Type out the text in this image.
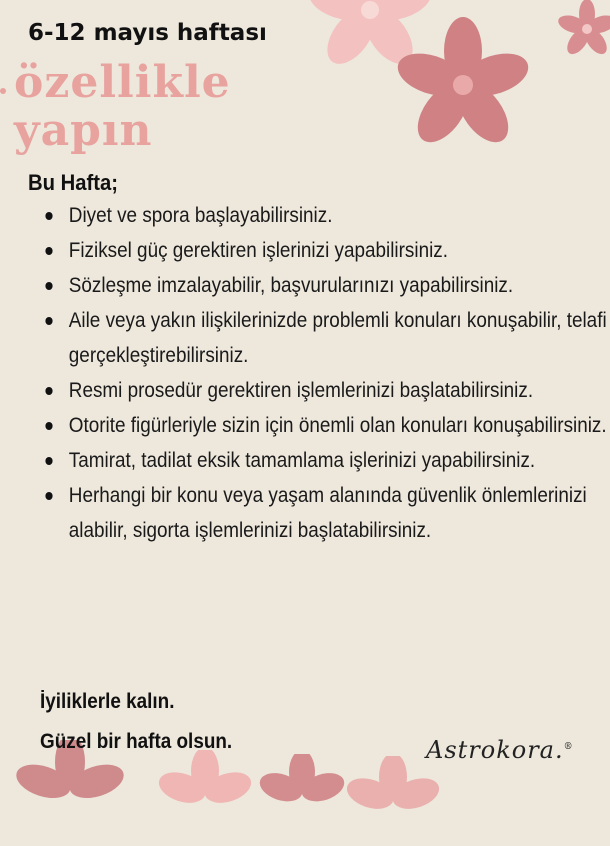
6-12 mayıs haftası
özellikle
yapın
Bu Hafta;
Diyet ve spora başlayabilirsiniz.
Fiziksel güç gerektiren işlerinizi yapabilirsiniz.
Sözleşme imzalayabilir, başvurularınızı yapabilirsiniz.
Aile veya yakın ilişkilerinizde problemli konuları konuşabilir, telafi gerçekleştirebilirsiniz.
Resmi prosedür gerektiren işlemlerinizi başlatabilirsiniz.
Otorite figürleriyle sizin için önemli olan konuları konuşabilirsiniz.
Tamirat, tadilat eksik tamamlama işlerinizi yapabilirsiniz.
Herhangi bir konu veya yaşam alanında güvenlik önlemlerinizi alabilir, sigorta işlemlerinizi başlatabilirsiniz.

İyiliklerle kalın.

Güzel bir hafta olsun.	Astrokora.®
